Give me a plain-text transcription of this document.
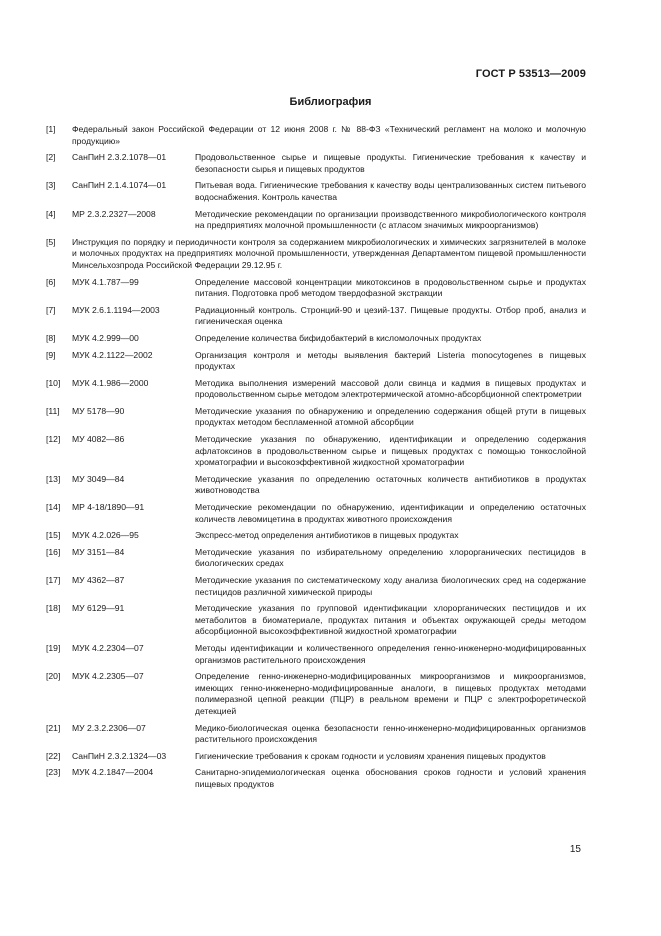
ГОСТ Р 53513—2009
Библиография
[1] Федеральный закон Российской Федерации от 12 июня 2008 г. № 88-ФЗ «Технический регламент на молоко и молочную продукцию»
[2] СанПиН 2.3.2.1078—01	Продовольственное сырье и пищевые продукты. Гигиенические требования к качеству и безопасности сырья и пищевых продуктов
[3] СанПиН 2.1.4.1074—01	Питьевая вода. Гигиенические требования к качеству воды централизованных систем питьевого водоснабжения. Контроль качества
[4] МР 2.3.2.2327—2008	Методические рекомендации по организации производственного микробиологического контроля на предприятиях молочной промышленности (с атласом значимых микроорганизмов)
[5] Инструкция по порядку и периодичности контроля за содержанием микробиологических и химических загрязнителей в молоке и молочных продуктах на предприятиях молочной промышленности, утвержденная Департаментом пищевой промышленности Минсельхозпрода Российской Федерации 29.12.95 г.
[6] МУК 4.1.787—99	Определение массовой концентрации микотоксинов в продовольственном сырье и продуктах питания. Подготовка проб методом твердофазной экстракции
[7] МУК 2.6.1.1194—2003	Радиационный контроль. Стронций-90 и цезий-137. Пищевые продукты. Отбор проб, анализ и гигиеническая оценка
[8] МУК 4.2.999—00	Определение количества бифидобактерий в кисломолочных продуктах
[9] МУК 4.2.1122—2002	Организация контроля и методы выявления бактерий Listeria monocytogenes в пищевых продуктах
[10] МУК 4.1.986—2000	Методика выполнения измерений массовой доли свинца и кадмия в пищевых продуктах и продовольственном сырье методом электротермической атомно-абсорбционной спектрометрии
[11] МУ 5178—90	Методические указания по обнаружению и определению содержания общей ртути в пищевых продуктах методом беспламенной атомной абсорбции
[12] МУ 4082—86	Методические указания по обнаружению, идентификации и определению содержания афлатоксинов в продовольственном сырье и пищевых продуктах с помощью тонкослойной хроматографии и высокоэффективной жидкостной хроматографии
[13] МУ 3049—84	Методические указания по определению остаточных количеств антибиотиков в продуктах животноводства
[14] МР 4-18/1890—91	Методические рекомендации по обнаружению, идентификации и определению остаточных количеств левомицетина в продуктах животного происхождения
[15] МУК 4.2.026—95	Экспресс-метод определения антибиотиков в пищевых продуктах
[16] МУ 3151—84	Методические указания по избирательному определению хлорорганических пестицидов в биологических средах
[17] МУ 4362—87	Методические указания по систематическому ходу анализа биологических сред на содержание пестицидов различной химической природы
[18] МУ 6129—91	Методические указания по групповой идентификации хлорорганических пестицидов и их метаболитов в биоматериале, продуктах питания и объектах окружающей среды методом абсорбционной высокоэффективной жидкостной хроматографии
[19] МУК 4.2.2304—07	Методы идентификации и количественного определения генно-инженерно-модифицированных организмов растительного происхождения
[20] МУК 4.2.2305—07	Определение генно-инженерно-модифицированных микроорганизмов и микроорганизмов, имеющих генно-инженерно-модифицированные аналоги, в пищевых продуктах методами полимеразной цепной реакции (ПЦР) в реальном времени и ПЦР с электрофоретической детекцией
[21] МУ 2.3.2.2306—07	Медико-биологическая оценка безопасности генно-инженерно-модифицированных организмов растительного происхождения
[22] СанПиН 2.3.2.1324—03	Гигиенические требования к срокам годности и условиям хранения пищевых продуктов
[23] МУК 4.2.1847—2004	Санитарно-эпидемиологическая оценка обоснования сроков годности и условий хранения пищевых продуктов
15
